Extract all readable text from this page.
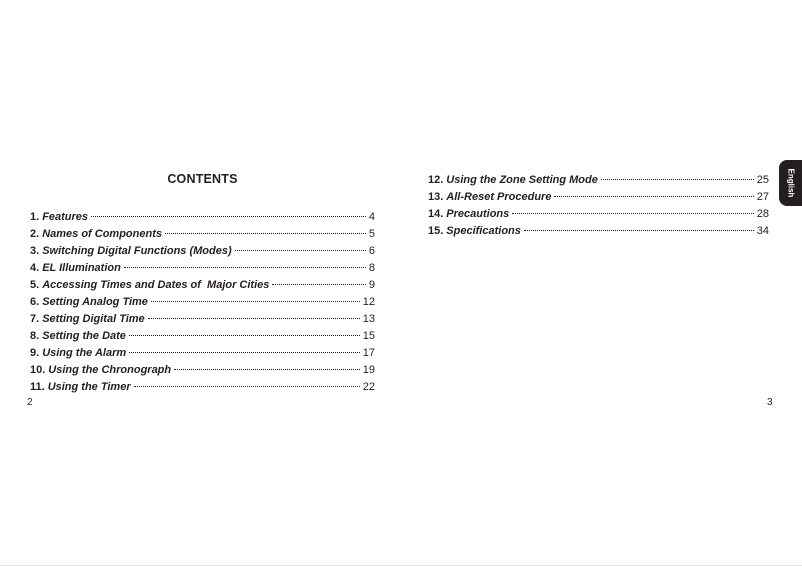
CONTENTS
1. Features	4
2. Names of Components	5
3. Switching Digital Functions (Modes)	6
4. EL Illumination	8
5. Accessing Times and Dates of  Major Cities	9
6. Setting Analog Time	12
7. Setting Digital Time	13
8. Setting the Date	15
9. Using the Alarm	17
10. Using the Chronograph	19
11. Using the Timer	22
2
12. Using the Zone Setting Mode	25
13. All-Reset Procedure	27
14. Precautions	28
15. Specifications	34
3
English
